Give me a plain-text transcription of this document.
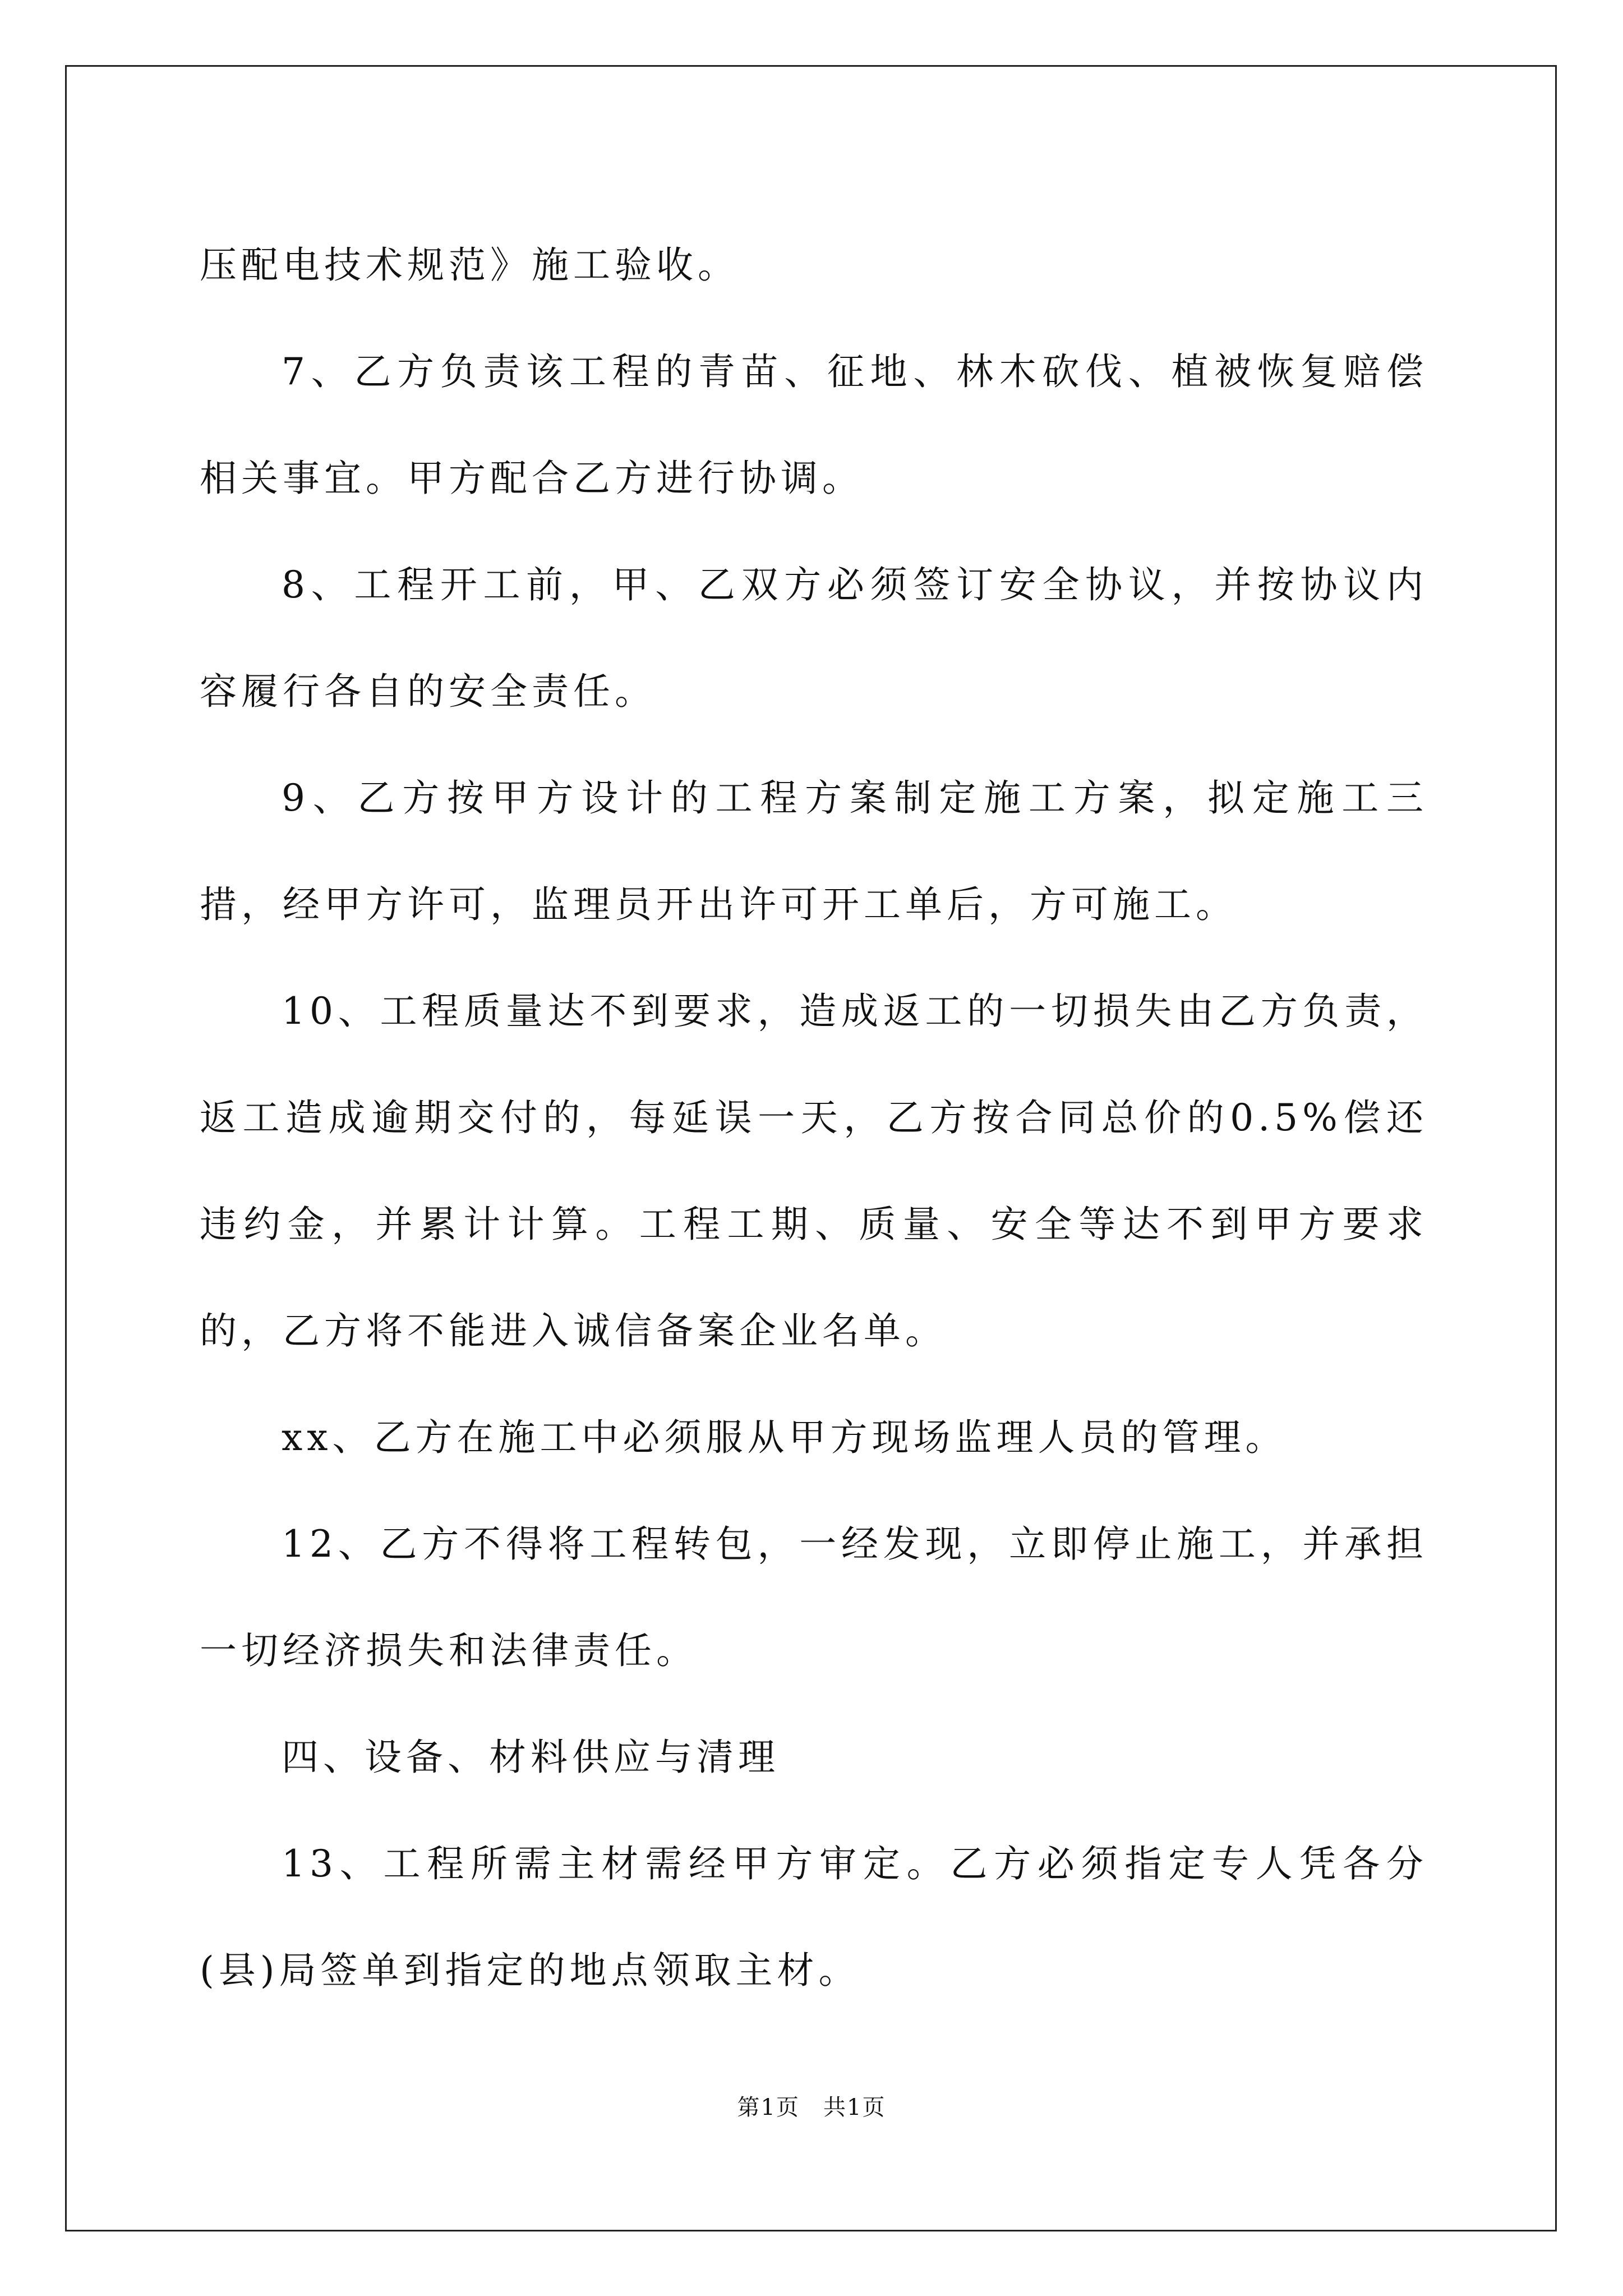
压配电技术规范》施工验收。

7、乙方负责该工程的青苗、征地、林木砍伐、植被恢复赔偿相关事宜。甲方配合乙方进行协调。

8、工程开工前，甲、乙双方必须签订安全协议，并按协议内容履行各自的安全责任。

9、乙方按甲方设计的工程方案制定施工方案，拟定施工三措，经甲方许可，监理员开出许可开工单后，方可施工。

10、工程质量达不到要求，造成返工的一切损失由乙方负责，返工造成逾期交付的，每延误一天，乙方按合同总价的0.5%偿还违约金，并累计计算。工程工期、质量、安全等达不到甲方要求的，乙方将不能进入诚信备案企业名单。

xx、乙方在施工中必须服从甲方现场监理人员的管理。

12、乙方不得将工程转包，一经发现，立即停止施工，并承担一切经济损失和法律责任。

四、设备、材料供应与清理

13、工程所需主材需经甲方审定。乙方必须指定专人凭各分(县)局签单到指定的地点领取主材。

第1页　共1页
